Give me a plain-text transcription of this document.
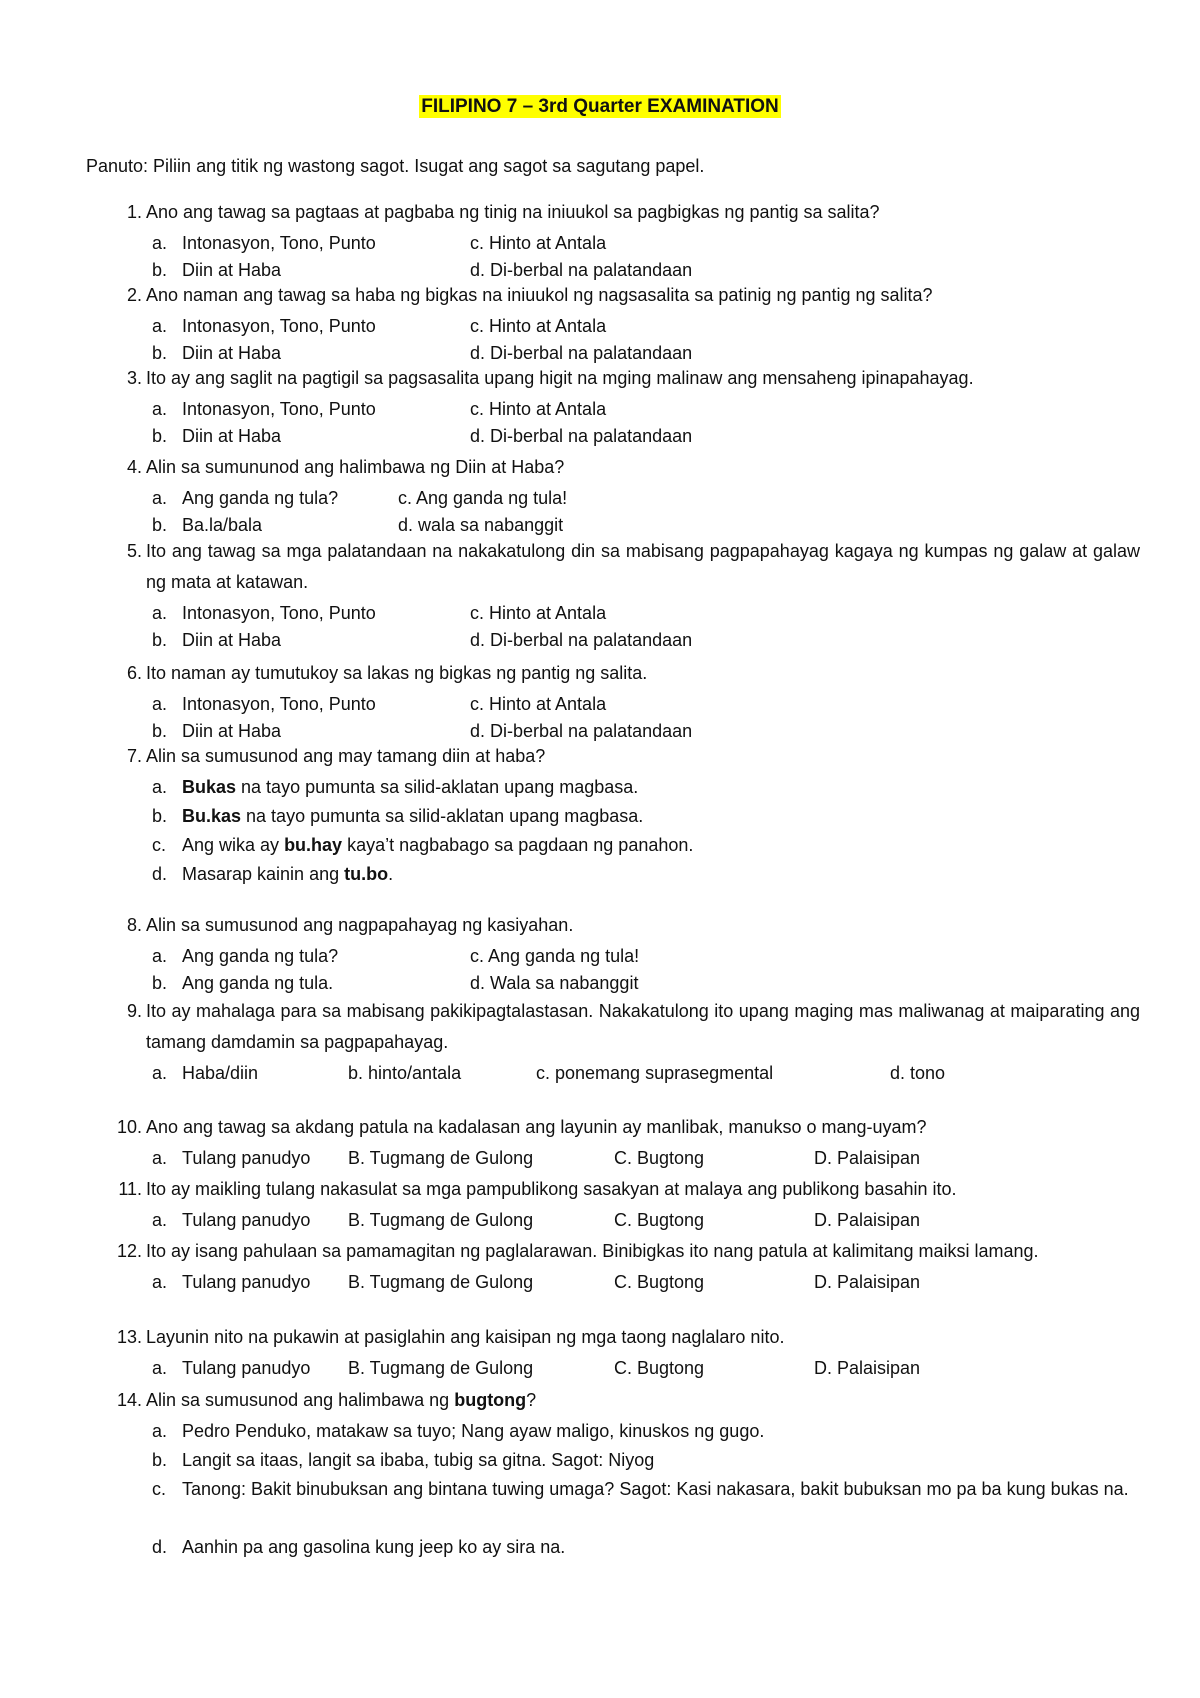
FILIPINO 7 – 3rd Quarter EXAMINATION
Panuto: Piliin ang titik ng wastong sagot. Isugat ang sagot sa sagutang papel.
1. Ano ang tawag sa pagtaas at pagbaba ng tinig na iniuukol sa pagbigkas ng pantig sa salita?
a. Intonasyon, Tono, Punto	c. Hinto at Antala
b. Diin at Haba	d. Di-berbal na palatandaan
2. Ano naman ang tawag sa haba ng bigkas na iniuukol ng nagsasalita sa patinig ng pantig ng salita?
a. Intonasyon, Tono, Punto	c. Hinto at Antala
b. Diin at Haba	d. Di-berbal na palatandaan
3. Ito ay ang saglit na pagtigil sa pagsasalita upang higit na mging malinaw ang mensaheng ipinapahayag.
a. Intonasyon, Tono, Punto	c. Hinto at Antala
b. Diin at Haba	d. Di-berbal na palatandaan
4. Alin sa sumununod ang halimbawa ng Diin at Haba?
a. Ang ganda ng tula?	c. Ang ganda ng tula!
b. Ba.la/bala	d. wala sa nabanggit
5. Ito ang tawag sa mga palatandaan na nakakatulong din sa mabisang pagpapahayag kagaya ng kumpas ng galaw at galaw ng mata at katawan.
a. Intonasyon, Tono, Punto	c. Hinto at Antala
b. Diin at Haba	d. Di-berbal na palatandaan
6. Ito naman ay tumutukoy sa lakas ng bigkas ng pantig ng salita.
a. Intonasyon, Tono, Punto	c. Hinto at Antala
b. Diin at Haba	d. Di-berbal na palatandaan
7. Alin sa sumusunod ang may tamang diin at haba?
a. Bukas na tayo pumunta sa silid-aklatan upang magbasa.
b. Bu.kas na tayo pumunta sa silid-aklatan upang magbasa.
c. Ang wika ay bu.hay kaya’t nagbabago sa pagdaan ng panahon.
d. Masarap kainin ang tu.bo.
8. Alin sa sumusunod ang nagpapahayag ng kasiyahan.
a. Ang ganda ng tula?	c. Ang ganda ng tula!
b. Ang ganda ng tula.	d. Wala sa nabanggit
9. Ito ay mahalaga para sa mabisang pakikipagtalastasan. Nakakatulong ito upang maging mas maliwanag at maiparating ang tamang damdamin sa pagpapahayag.
a. Haba/diin	b. hinto/antala	c. ponemang suprasegmental	d. tono
10. Ano ang tawag sa akdang patula na kadalasan ang layunin ay manlibak, manukso o mang-uyam?
a. Tulang panudyo B. Tugmang de Gulong	C. Bugtong	D. Palaisipan
11. Ito ay maikling tulang nakasulat sa mga pampublikong sasakyan at malaya ang publikong basahin ito.
a. Tulang panudyo B. Tugmang de Gulong	C. Bugtong	D. Palaisipan
12. Ito ay isang pahulaan sa pamamagitan ng paglalarawan. Binibigkas ito nang patula at kalimitang maiksi lamang.
a. Tulang panudyo B. Tugmang de Gulong	C. Bugtong	D. Palaisipan
13. Layunin nito na pukawin at pasiglahin ang kaisipan ng mga taong naglalaro nito.
a. Tulang panudyo B. Tugmang de Gulong	C. Bugtong	D. Palaisipan
14. Alin sa sumusunod ang halimbawa ng bugtong?
a. Pedro Penduko, matakaw sa tuyo; Nang ayaw maligo, kinuskos ng gugo.
b. Langit sa itaas, langit sa ibaba, tubig sa gitna. Sagot: Niyog
c. Tanong: Bakit binubuksan ang bintana tuwing umaga? Sagot: Kasi nakasara, bakit bubuksan mo pa ba kung bukas na.
d. Aanhin pa ang gasolina kung jeep ko ay sira na.
